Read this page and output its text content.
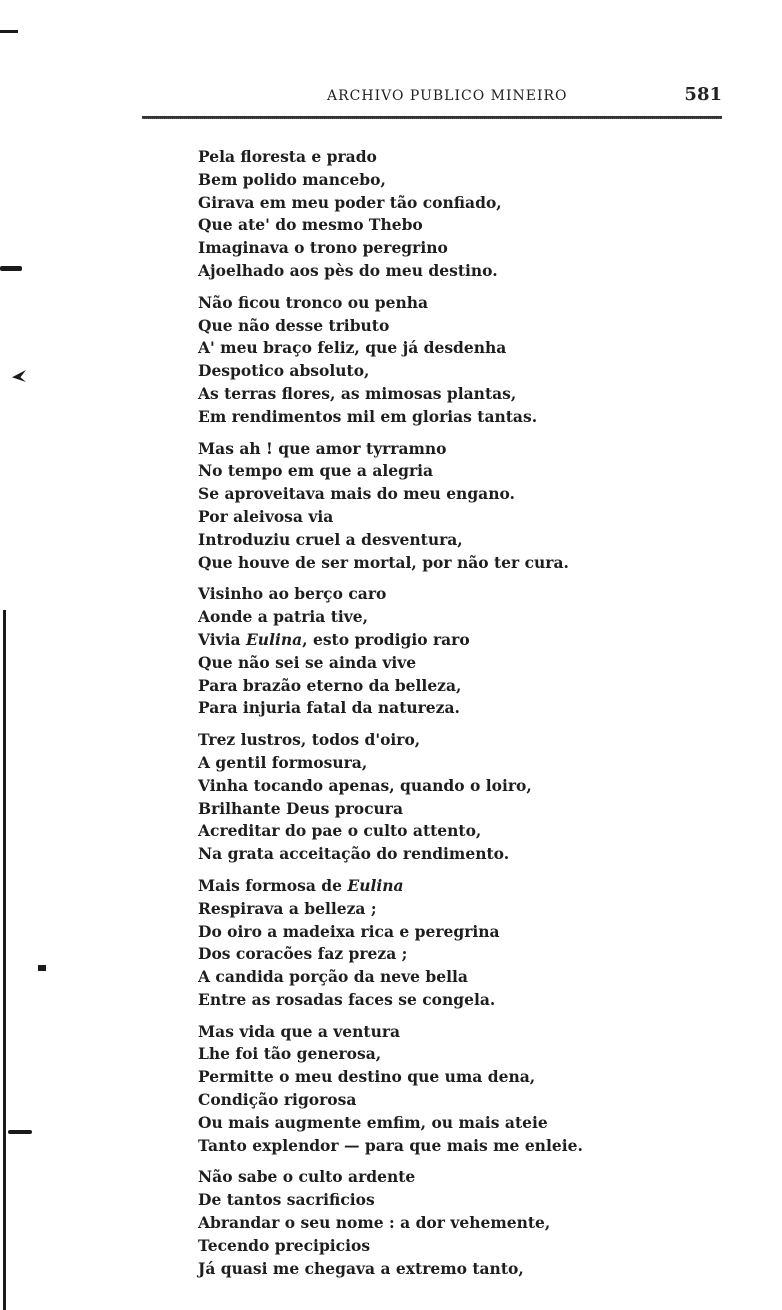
ARCHIVO PUBLICO MINEIRO	581
Pela floresta e prado
Bem polido mancebo,
Girava em meu poder tão confiado,
Que ate' do mesmo Thebo
Imaginava o trono peregrino
Ajoelhado aos pès do meu destino.
Não ficou tronco ou penha
Que não desse tributo
A' meu braço feliz, que já desdenha
Despotico absoluto,
As terras flores, as mimosas plantas,
Em rendimentos mil em glorias tantas.
Mas ah ! que amor tyrramno
No tempo em que a alegria
Se aproveitava mais do meu engano.
Por aleivosa via
Introduziu cruel a desventura,
Que houve de ser mortal, por não ter cura.
Visinho ao berço caro
Aonde a patria tive,
Vivia Eulina, esto prodigio raro
Que não sei se ainda vive
Para brazão eterno da belleza,
Para injuria fatal da natureza.
Trez lustros, todos d'oiro,
A gentil formosura,
Vinha tocando apenas, quando o loiro,
Brilhante Deus procura
Acreditar do pae o culto attento,
Na grata acceitação do rendimento.
Mais formosa de Eulina
Respirava a belleza ;
Do oiro a madeixa rica e peregrina
Dos coracões faz preza ;
A candida porção da neve bella
Entre as rosadas faces se congela.
Mas vida que a ventura
Lhe foi tão generosa,
Permitte o meu destino que uma dena,
Condição rigorosa
Ou mais augmente emfim, ou mais ateie
Tanto explendor — para que mais me enleie.
Não sabe o culto ardente
De tantos sacrificios
Abrandar o seu nome : a dor vehemente,
Tecendo precipicios
Já quasi me chegava a extremo tanto,
